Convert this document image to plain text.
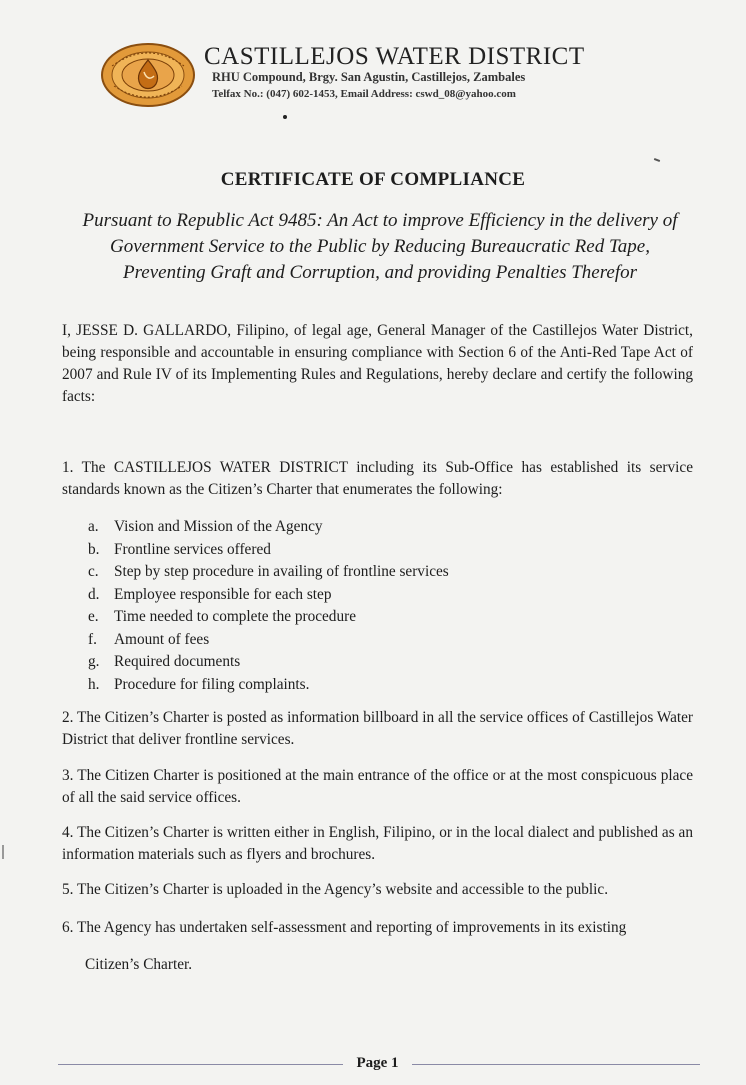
CASTILLEJOS WATER DISTRICT
RHU Compound, Brgy. San Agustin, Castillejos, Zambales
Telfax No.: (047) 602-1453, Email Address: cswd_08@yahoo.com
CERTIFICATE OF COMPLIANCE
Pursuant to Republic Act 9485: An Act to improve Efficiency in the delivery of
Government Service to the Public by Reducing Bureaucratic Red Tape,
Preventing Graft and Corruption, and providing Penalties Therefor
I, JESSE D. GALLARDO, Filipino, of legal age, General Manager of the Castillejos Water District, being responsible and accountable in ensuring compliance with Section 6 of the Anti-Red Tape Act of 2007 and Rule IV of its Implementing Rules and Regulations, hereby declare and certify the following facts:
1. The CASTILLEJOS WATER DISTRICT including its Sub-Office has established its service standards known as the Citizen’s Charter that enumerates the following:
a. Vision and Mission of the Agency
b. Frontline services offered
c. Step by step procedure in availing of frontline services
d. Employee responsible for each step
e. Time needed to complete the procedure
f. Amount of fees
g. Required documents
h. Procedure for filing complaints.
2. The Citizen’s Charter is posted as information billboard in all the service offices of Castillejos Water District that deliver frontline services.
3. The Citizen Charter is positioned at the main entrance of the office or at the most conspicuous place of all the said service offices.
4. The Citizen’s Charter is written either in English, Filipino, or in the local dialect and published as an information materials such as flyers and brochures.
5. The Citizen’s Charter is uploaded in the Agency’s website and accessible to the public.
6. The Agency has undertaken self-assessment and reporting of improvements in its existing
Citizen’s Charter.
Page 1
